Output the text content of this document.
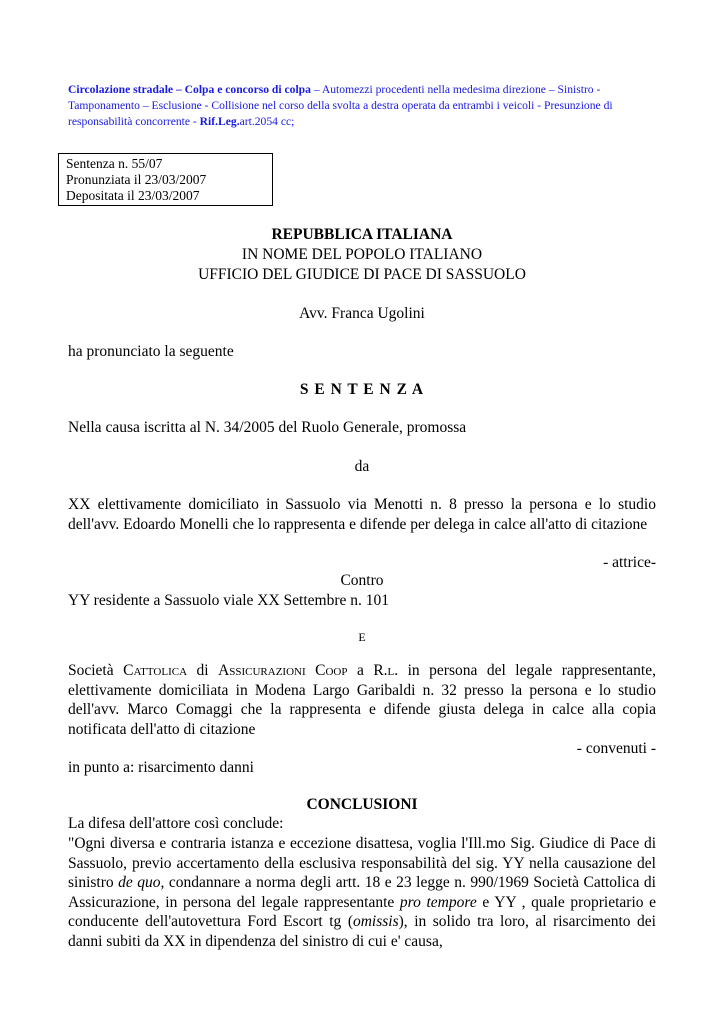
Circolazione stradale – Colpa e concorso di colpa – Automezzi procedenti nella medesima direzione – Sinistro - Tamponamento – Esclusione - Collisione nel corso della svolta a destra operata da entrambi i veicoli - Presunzione di responsabilità concorrente - Rif.Leg.art.2054 cc;
Sentenza n. 55/07
Pronunziata il 23/03/2007
Depositata il 23/03/2007
REPUBBLICA ITALIANA
IN NOME DEL POPOLO ITALIANO
UFFICIO DEL GIUDICE DI PACE DI SASSUOLO
Avv. Franca Ugolini
ha pronunciato la seguente
S E N T E N Z A
Nella causa iscritta al N. 34/2005 del Ruolo Generale, promossa
da
XX elettivamente domiciliato in Sassuolo via Menotti n. 8 presso la persona e lo studio dell'avv. Edoardo Monelli che lo rappresenta e difende per delega in calce all'atto di citazione
- attrice-
Contro
YY residente a Sassuolo viale XX Settembre n. 101
E
Società Cattolica di Assicurazioni Coop a R.l. in persona del legale rappresentante, elettivamente domiciliata in Modena Largo Garibaldi n. 32 presso la persona e lo studio dell'avv. Marco Comaggi che la rappresenta e difende giusta delega in calce alla copia notificata dell'atto di citazione
- convenuti -
in punto a: risarcimento danni
CONCLUSIONI
La difesa dell'attore così conclude:
"Ogni diversa e contraria istanza e eccezione disattesa, voglia l'Ill.mo Sig. Giudice di Pace di Sassuolo, previo accertamento della esclusiva responsabilità del sig. YY nella causazione del sinistro de quo, condannare a norma degli artt. 18 e 23 legge n. 990/1969 Società Cattolica di Assicurazione, in persona del legale rappresentante pro tempore e YY , quale proprietario e conducente dell'autovettura Ford Escort tg (omissis), in solido tra loro, al risarcimento dei danni subiti da XX in dipendenza del sinistro di cui e' causa,
